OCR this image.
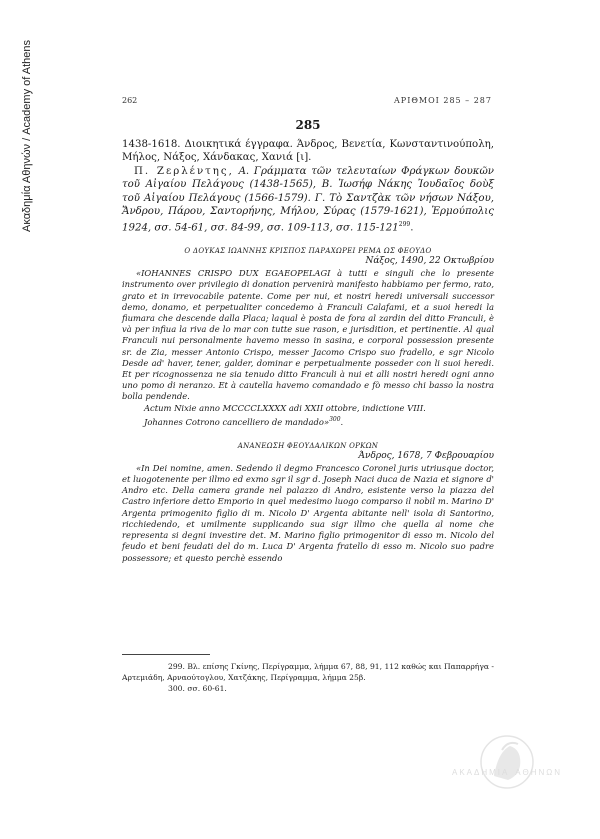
Ακαδημία Αθηνών / Academy of Athens	262	ΑΡΙΘΜΟΙ 285 – 287
285

1438-1618. Διοικητικά έγγραφα. Άνδρος, Βενετία, Κωνσταντινούπολη, Μήλος, Νάξος, Χάνδακας, Χανιά [ι].

Π. Ζερλέντης, Α. Γράμματα τῶν τελευταίων Φράγκων δουκῶν τοῦ Αἰγαίου Πελάγους (1438-1565), Β. Ἰωσήφ Νάκης Ἰουδαῖος δοὺξ τοῦ Αἰγαίου Πελάγους (1566-1579). Γ. Τὸ Σαντζὰκ τῶν νήσων Νάξου, Ἄνδρου, Πάρου, Σαντορήνης, Μήλου, Σύρας (1579-1621), Ἑρμούπολις 1924, σσ. 54-61, σσ. 84-99, σσ. 109-113, σσ. $115-121^{299}$.

Ο ΔΟΥΚΑΣ ΙΩΑΝΝΗΣ ΚΡΙΣΠΟΣ ΠΑΡΑΧΩΡΕΙ ΡΕΜΑ ΩΣ ΦΕΟΥΔΟ
Νάξος, 1490, 22 Οκτωβρίου

«IOHANNES CRISPO DUX EGAEOPELAGI à tutti e singuli che lo presente instrumento over privilegio di donation pervenirà manifesto habbiamo per fermo, rato, grato et in irrevocabile patente. Come per nui, et nostri heredi universali successor demo, donamo, et perpetualiter concedemo à Franculi Calafami, et a suoi heredi la fiumara che descende dalla Placa; laqual è posta de fora al zardin del ditto Franculi, è và per infiua la riva de lo mar con tutte sue rason, e jurisdition, et pertinentie. Al qual Franculi nui personalmente havemo messo in sasina, e corporal possession presente sr. de Zia, messer Antonio Crispo, messer Jacomo Crispo suo fradello, e sgr Nicolo Desde ad' haver, tener, galder, dominar e perpetualmente posseder con li suoi heredi. Et per ricognossenza ne sia tenudo ditto Franculi à nui et alli nostri heredi ogni anno uno pomo di neranzo. Et à cautella havemo comandado e fò messo chi basso la nostra bolla pendende.

Actum Nixie anno MCCCCLXXXX adi XXII ottobre, indictione VIII.

Johannes Cotrono cancelliero de mandado»$^{300}$.

ΑΝΑΝΕΩΣΗ ΦΕΟΥΔΑΛΙΚΩΝ ΟΡΚΩΝ
Άνδρος, 1678, 7 Φεβρουαρίου

«In Dei nomine, amen. Sedendo il degmo Francesco Coronel juris utriusque doctor, et luogotenente per illmo ed exmo sgr il sgr d. Joseph Naci duca de Nazia et signore d' Andro etc. Della camera grande nel palazzo di Andro, esistente verso la piazza del Castro inferiore detto Emporio in quel medesimo luogo comparso il nobil m. Marino D' Argenta primogenito figlio di m. Nicolo D' Argenta abitante nell' isola di Santorino, ricchiedendo, et umilmente supplicando sua sigr illmo che quella al nome che representa si degni investire det. M. Marino figlio primogenitor di esso m. Nicolo del feudo et beni feudati del do m. Luca D' Argenta fratello di esso m. Nicolo suo padre possessore; et questo perchè essendo

299. Βλ. επίσης Γκίνης, Περίγραμμα, λήμμα 67, 88, 91, 112 καθώς και Παπαρρήγα - Αρτεμιάδη, Αρναούτογλου, Χατζάκης, Περίγραμμα, λήμμα 25β.

300. σσ. 60-61.

ΑΚΑΔΗΜΙΑ ΑΘΗΝΩΝ
